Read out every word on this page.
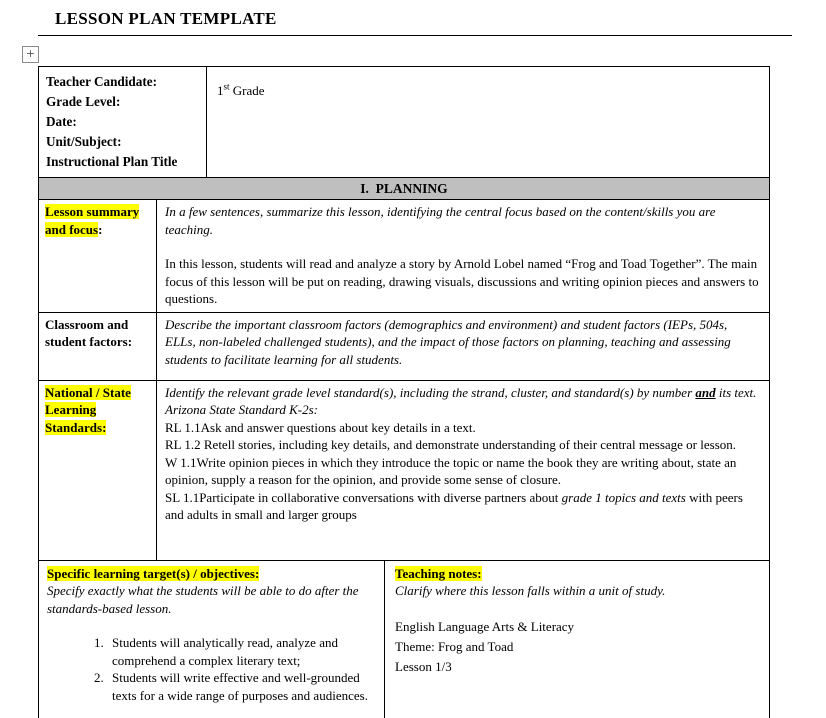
LESSON PLAN TEMPLATE
+
Teacher Candidate:
Grade Level:
Date:
Unit/Subject:
Instructional Plan Title
1st Grade
I.  PLANNING
Lesson summary and focus:

In a few sentences, summarize this lesson, identifying the central focus based on the content/skills you are teaching.

In this lesson, students will read and analyze a story by Arnold Lobel named “Frog and Toad Together”. The main focus of this lesson will be put on reading, drawing visuals, discussions and writing opinion pieces and answers to questions.

Classroom and student factors:

Describe the important classroom factors (demographics and environment) and student factors (IEPs, 504s, ELLs, non-labeled challenged students), and the impact of those factors on planning, teaching and assessing students to facilitate learning for all students.

National / State Learning Standards:

Identify the relevant grade level standard(s), including the strand, cluster, and standard(s) by number and its text.

Arizona State Standard K-2s:

RL 1.1Ask and answer questions about key details in a text.

RL 1.2 Retell stories, including key details, and demonstrate understanding of their central message or lesson.

W 1.1Write opinion pieces in which they introduce the topic or name the book they are writing about, state an opinion, supply a reason for the opinion, and provide some sense of closure.

SL 1.1Participate in collaborative conversations with diverse partners about grade 1 topics and texts with peers and adults in small and larger groups

Specific learning target(s) / objectives:

Specify exactly what the students will be able to do after the standards-based lesson.

1. Students will analytically read, analyze and comprehend a complex literary text;
2. Students will write effective and well-grounded texts for a wide range of purposes and audiences.
Teaching notes:

Clarify where this lesson falls within a unit of study.

English Language Arts & Literacy

Theme: Frog and Toad

Lesson 1/3
